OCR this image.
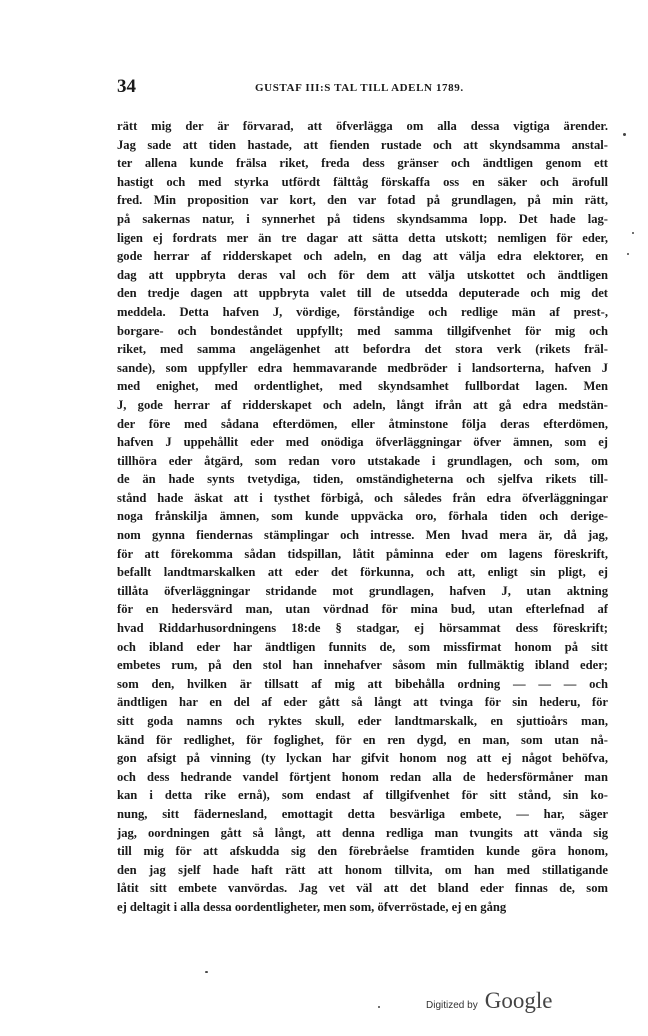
34	GUSTAF III:S TAL TILL ADELN 1789.
rätt mig der är förvarad, att öfverlägga om alla dessa vigtiga ärender.
Jag sade att tiden hastade, att fienden rustade och att skyndsamma anstal-
ter allena kunde frälsa riket, freda dess gränser och ändtligen genom ett
hastigt och med styrka utfördt fälttåg förskaffa oss en säker och ärofull
fred. Min proposition var kort, den var fotad på grundlagen, på min rätt,
på sakernas natur, i synnerhet på tidens skyndsamma lopp. Det hade lag-
ligen ej fordrats mer än tre dagar att sätta detta utskott; nemligen för eder,
gode herrar af ridderskapet och adeln, en dag att välja edra elektorer, en
dag att uppbryta deras val och för dem att välja utskottet och ändtligen
den tredje dagen att uppbryta valet till de utsedda deputerade och mig det
meddela. Detta hafven J, vördige, förståndige och redlige män af prest-,
borgare- och bondeståndet uppfyllt; med samma tillgifvenhet för mig och
riket, med samma angelägenhet att befordra det stora verk (rikets fräl-
sande), som uppfyller edra hemmavarande medbröder i landsorterna, hafven J
med enighet, med ordentlighet, med skyndsamhet fullbordat lagen. Men
J, gode herrar af ridderskapet och adeln, långt ifrån att gå edra medstän-
der före med sådana efterdömen, eller åtminstone följa deras efterdömen,
hafven J uppehållit eder med onödiga öfverläggningar öfver ämnen, som ej
tillhöra eder åtgärd, som redan voro utstakade i grundlagen, och som, om
de än hade synts tvetydiga, tiden, omständigheterna och sjelfva rikets till-
stånd hade äskat att i tysthet förbigå, och således från edra öfverläggningar
noga frånskilja ämnen, som kunde uppväcka oro, förhala tiden och derige-
nom gynna fiendernas stämplingar och intresse. Men hvad mera är, då jag,
för att förekomma sådan tidspillan, låtit påminna eder om lagens föreskrift,
befallt landtmarskalken att eder det förkunna, och att, enligt sin pligt, ej
tillåta öfverläggningar stridande mot grundlagen, hafven J, utan aktning
för en hedersvärd man, utan vördnad för mina bud, utan efterlefnad af
hvad Riddarhusordningens 18:de § stadgar, ej hörsammat dess föreskrift;
och ibland eder har ändtligen funnits de, som missfirmat honom på sitt
embetes rum, på den stol han innehafver såsom min fullmäktig ibland eder;
som den, hvilken är tillsatt af mig att bibehålla ordning — — — och
ändtligen har en del af eder gått så långt att tvinga för sin hederu, för
sitt goda namns och ryktes skull, eder landtmarskalk, en sjuttioårs man,
känd för redlighet, för foglighet, för en ren dygd, en man, som utan nå-
gon afsigt på vinning (ty lyckan har gifvit honom nog att ej något behöfva,
och dess hedrande vandel förtjent honom redan alla de hedersförmåner man
kan i detta rike ernå), som endast af tillgifvenhet för sitt stånd, sin ko-
nung, sitt fädernesland, emottagit detta besvärliga embete, — har, säger
jag, oordningen gått så långt, att denna redliga man tvungits att vända sig
till mig för att afskudda sig den förebråelse framtiden kunde göra honom,
den jag sjelf hade haft rätt att honom tillvita, om han med stillatigande
låtit sitt embete vanvördas. Jag vet väl att det bland eder finnas de, som
ej deltagit i alla dessa oordentligheter, men som, öfverröstade, ej en gång
Digitized by Google
